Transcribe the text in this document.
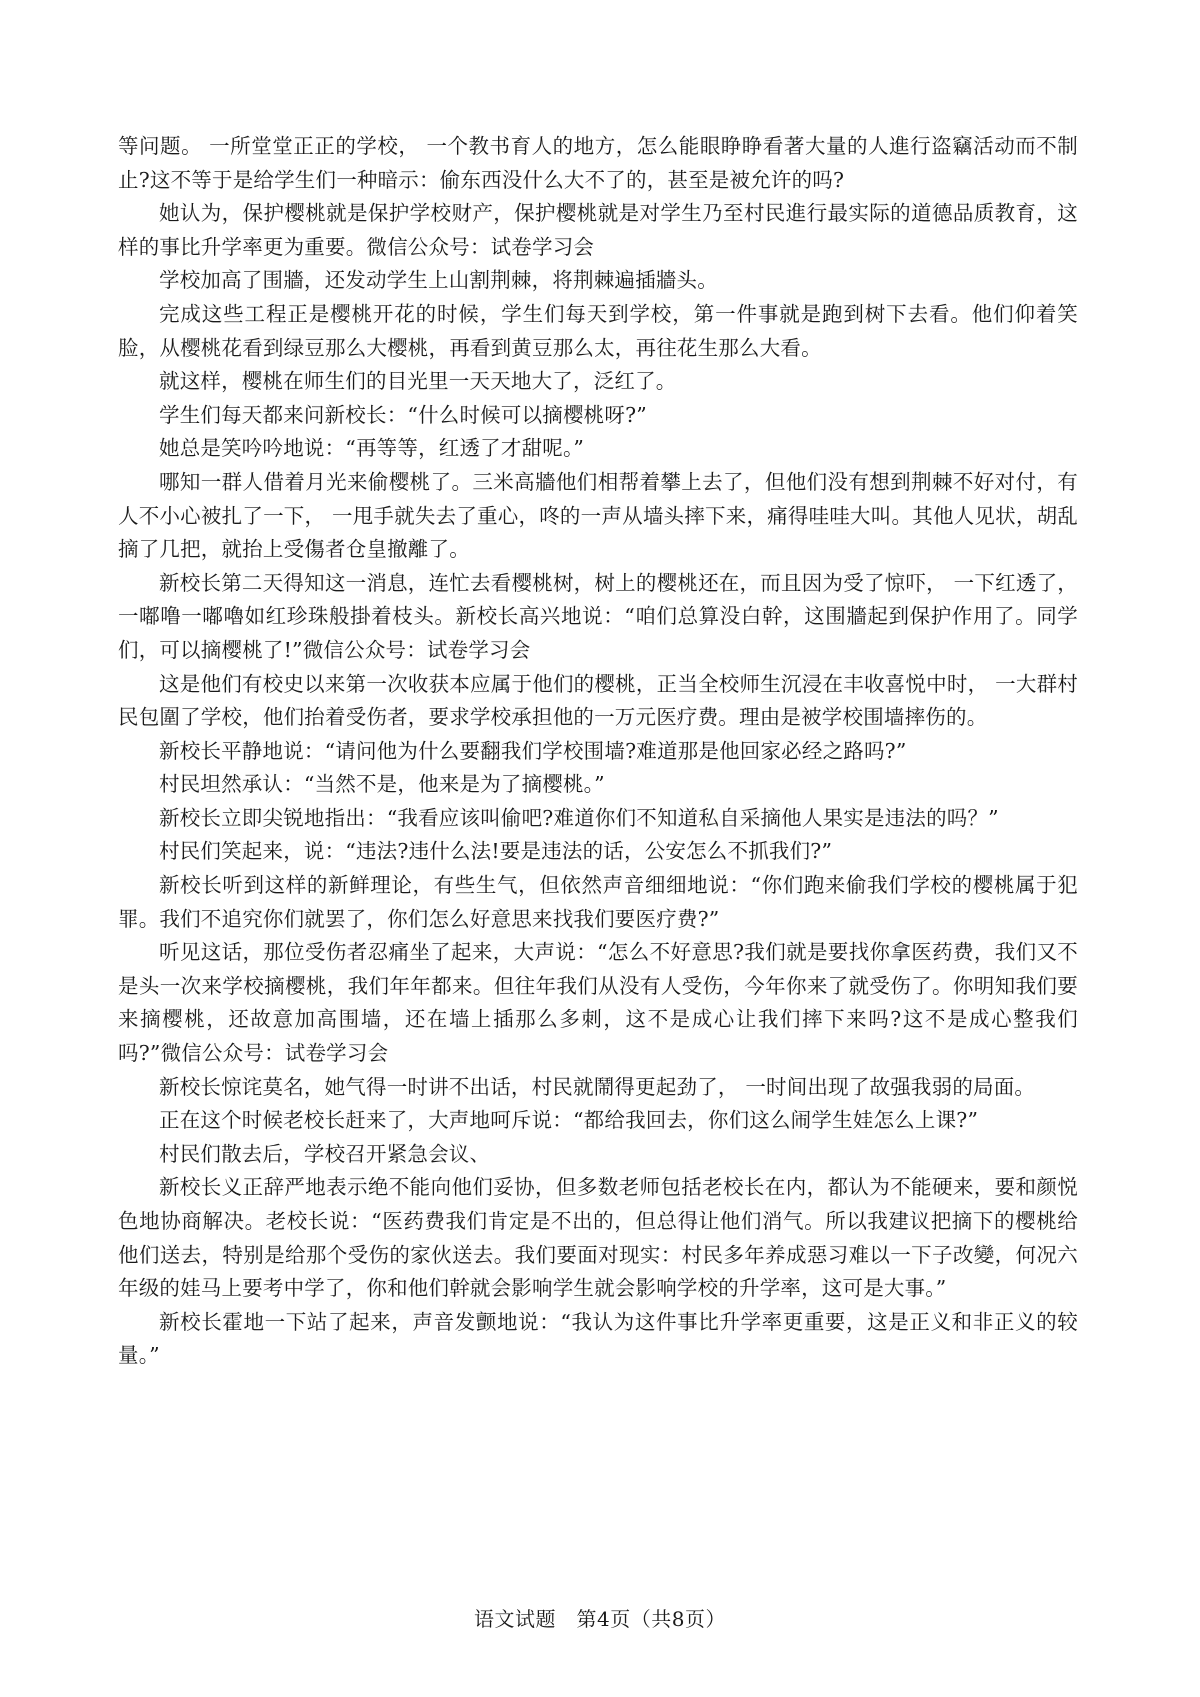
等问题。 一所堂堂正正的学校， 一个教书育人的地方，怎么能眼睁睁看著大量的人進行盗竊活动而不制止?这不等于是给学生们一种暗示：偷东西没什么大不了的，甚至是被允许的吗?

她认为，保护樱桃就是保护学校财产，保护樱桃就是对学生乃至村民進行最实际的道德品质教育，这样的事比升学率更为重要。微信公众号：试卷学习会

学校加高了围牆，还发动学生上山割荆棘，将荆棘遍插牆头。

完成这些工程正是樱桃开花的时候，学生们每天到学校，第一件事就是跑到树下去看。他们仰着笑脸，从樱桃花看到绿豆那么大樱桃，再看到黄豆那么太，再往花生那么大看。

就这样，樱桃在师生们的目光里一天天地大了，泛红了。

学生们每天都来问新校长：“什么时候可以摘樱桃呀?”

她总是笑吟吟地说：“再等等，红透了才甜呢。”

哪知一群人借着月光来偷樱桃了。三米高牆他们相帮着攀上去了，但他们没有想到荆棘不好对付，有人不小心被扎了一下， 一甩手就失去了重心，咚的一声从墙头摔下来，痛得哇哇大叫。其他人见状，胡乱摘了几把，就抬上受傷者仓皇撤離了。

新校长第二天得知这一消息，连忙去看樱桃树，树上的樱桃还在，而且因为受了惊吓， 一下红透了， 一嘟噜一嘟嚕如红珍珠般掛着枝头。新校长高兴地说：“咱们总算没白幹，这围牆起到保护作用了。同学们，可以摘樱桃了!”微信公众号：试卷学习会

这是他们有校史以来第一次收获本应属于他们的樱桃，正当全校师生沉浸在丰收喜悦中时， 一大群村民包圍了学校，他们抬着受伤者，要求学校承担他的一万元医疗费。理由是被学校围墙摔伤的。

新校长平静地说：“请问他为什么要翻我们学校围墙?难道那是他回家必经之路吗?”

村民坦然承认：“当然不是，他来是为了摘樱桃。”

新校长立即尖锐地指出：“我看应该叫偷吧?难道你们不知道私自采摘他人果实是违法的吗？”

村民们笑起来，说：“违法?违什么法!要是违法的话，公安怎么不抓我们?”

新校长听到这样的新鲜理论，有些生气，但依然声音细细地说：“你们跑来偷我们学校的樱桃属于犯罪。我们不追究你们就罢了，你们怎么好意思来找我们要医疗费?”

听见这话，那位受伤者忍痛坐了起来，大声说：“怎么不好意思?我们就是要找你拿医药费，我们又不是头一次来学校摘樱桃，我们年年都来。但往年我们从没有人受伤，今年你来了就受伤了。你明知我们要来摘樱桃，还故意加高围墙，还在墙上插那么多刺，这不是成心让我们摔下来吗?这不是成心整我们吗?”微信公众号：试卷学习会

新校长惊诧莫名，她气得一时讲不出话，村民就鬧得更起劲了， 一时间出现了故强我弱的局面。

正在这个时候老校长赶来了，大声地呵斥说：“都给我回去，你们这么闹学生娃怎么上课?”

村民们散去后，学校召开紧急会议、

新校长义正辞严地表示绝不能向他们妥协，但多数老师包括老校长在内，都认为不能硬来，要和颜悦色地协商解决。老校长说：“医药费我们肯定是不出的，但总得让他们消气。所以我建议把摘下的樱桃给他们送去，特别是给那个受伤的家伙送去。我们要面对现实：村民多年养成惡习难以一下子改變，何况六年级的娃马上要考中学了，你和他们幹就会影响学生就会影响学校的升学率，这可是大事。”

新校长霍地一下站了起来，声音发颤地说：“我认为这件事比升学率更重要，这是正义和非正义的较量。”

语文试题　第4页（共8页）
